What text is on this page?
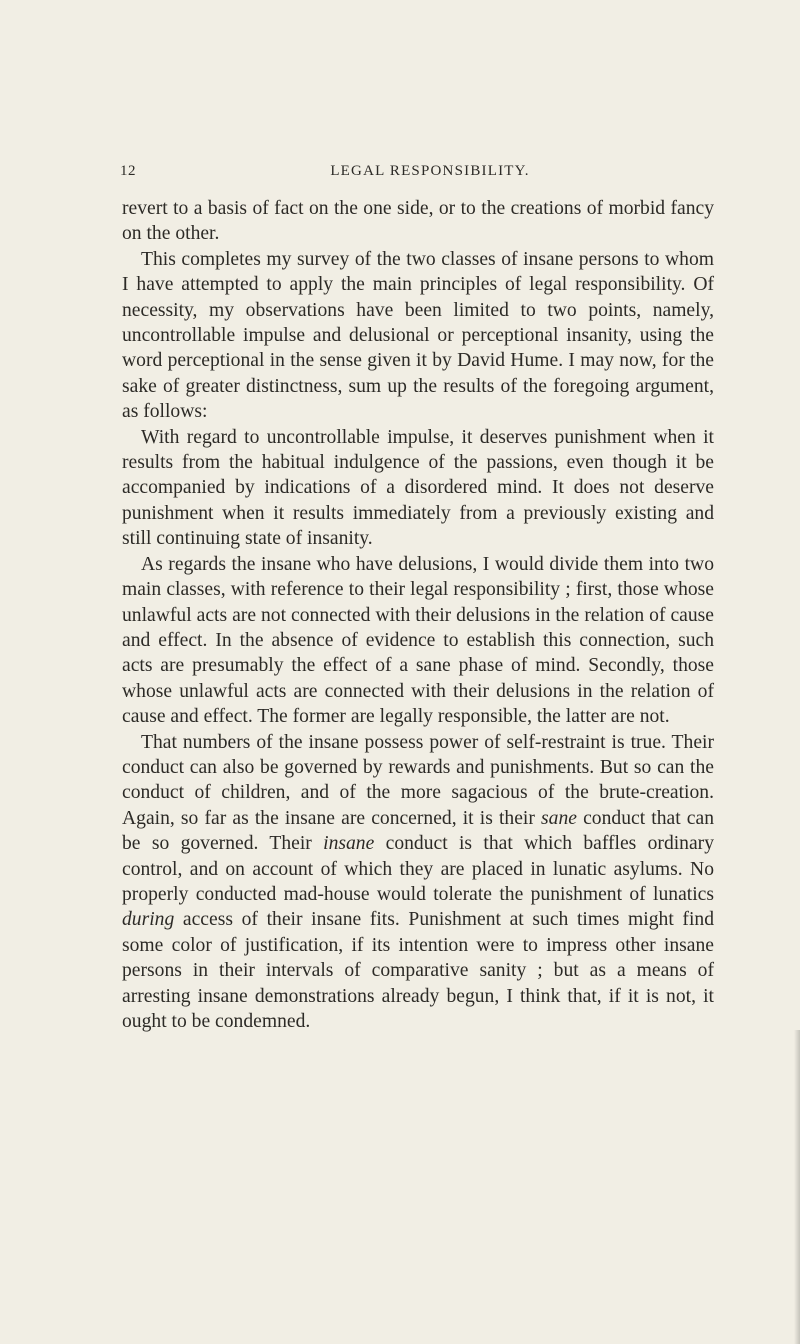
12	LEGAL RESPONSIBILITY.

revert to a basis of fact on the one side, or to the creations of morbid fancy on the other.

This completes my survey of the two classes of insane persons to whom I have attempted to apply the main principles of legal responsibility. Of necessity, my observations have been limited to two points, namely, uncontrollable impulse and delusional or perceptional insanity, using the word perceptional in the sense given it by David Hume. I may now, for the sake of greater distinctness, sum up the results of the foregoing argument, as follows:

With regard to uncontrollable impulse, it deserves punishment when it results from the habitual indulgence of the passions, even though it be accompanied by indications of a disordered mind. It does not deserve punishment when it results immediately from a previously existing and still continuing state of insanity.

As regards the insane who have delusions, I would divide them into two main classes, with reference to their legal responsibility ; first, those whose unlawful acts are not connected with their delusions in the relation of cause and effect. In the absence of evidence to establish this connection, such acts are presumably the effect of a sane phase of mind. Secondly, those whose unlawful acts are connected with their delusions in the relation of cause and effect. The former are legally responsible, the latter are not.

That numbers of the insane possess power of self-restraint is true. Their conduct can also be governed by rewards and punishments. But so can the conduct of children, and of the more sagacious of the brute-creation. Again, so far as the insane are concerned, it is their sane conduct that can be so governed. Their insane conduct is that which baffles ordinary control, and on account of which they are placed in lunatic asylums. No properly conducted mad-house would tolerate the punishment of lunatics during access of their insane fits. Punishment at such times might find some color of justification, if its intention were to impress other insane persons in their intervals of comparative sanity ; but as a means of arresting insane demonstrations already begun, I think that, if it is not, it ought to be condemned.
